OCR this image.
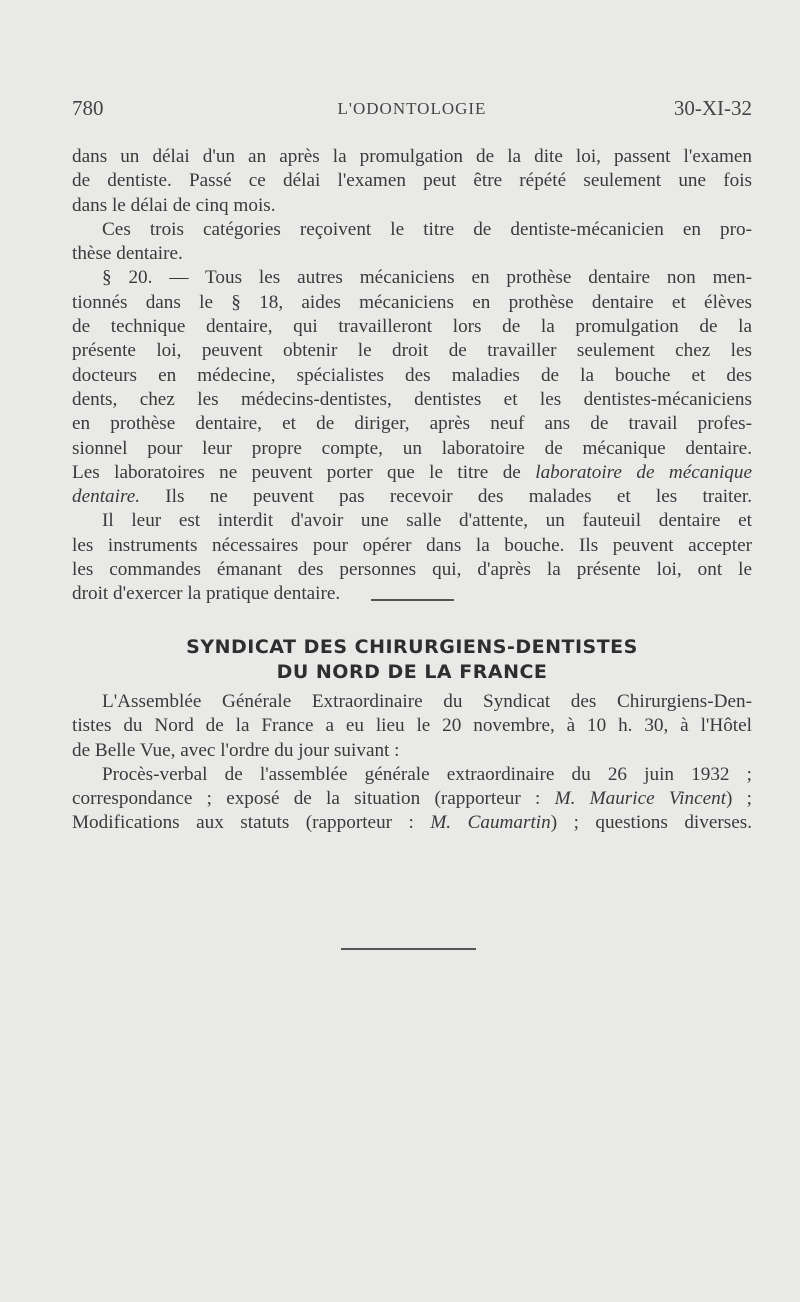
780	L'ODONTOLOGIE	30-XI-32
dans un délai d'un an après la promulgation de la dite loi, passent l'examen
de dentiste. Passé ce délai l'examen peut être répété seulement une fois
dans le délai de cinq mois.
Ces trois catégories reçoivent le titre de dentiste-mécanicien en pro-
thèse dentaire.
§ 20. — Tous les autres mécaniciens en prothèse dentaire non men-
tionnés dans le § 18, aides mécaniciens en prothèse dentaire et élèves
de technique dentaire, qui travailleront lors de la promulgation de la
présente loi, peuvent obtenir le droit de travailler seulement chez les
docteurs en médecine, spécialistes des maladies de la bouche et des
dents, chez les médecins-dentistes, dentistes et les dentistes-mécaniciens
en prothèse dentaire, et de diriger, après neuf ans de travail profes-
sionnel pour leur propre compte, un laboratoire de mécanique dentaire.
Les laboratoires ne peuvent porter que le titre de laboratoire de mécanique
dentaire. Ils ne peuvent pas recevoir des malades et les traiter.
Il leur est interdit d'avoir une salle d'attente, un fauteuil dentaire et
les instruments nécessaires pour opérer dans la bouche. Ils peuvent accepter
les commandes émanant des personnes qui, d'après la présente loi, ont le
droit d'exercer la pratique dentaire.
SYNDICAT DES CHIRURGIENS-DENTISTES
DU NORD DE LA FRANCE
L'Assemblée Générale Extraordinaire du Syndicat des Chirurgiens-Den-
tistes du Nord de la France a eu lieu le 20 novembre, à 10 h. 30, à l'Hôtel
de Belle Vue, avec l'ordre du jour suivant :
Procès-verbal de l'assemblée générale extraordinaire du 26 juin 1932 ;
correspondance ; exposé de la situation (rapporteur : M. Maurice Vincent) ;
Modifications aux statuts (rapporteur : M. Caumartin) ; questions diverses.
